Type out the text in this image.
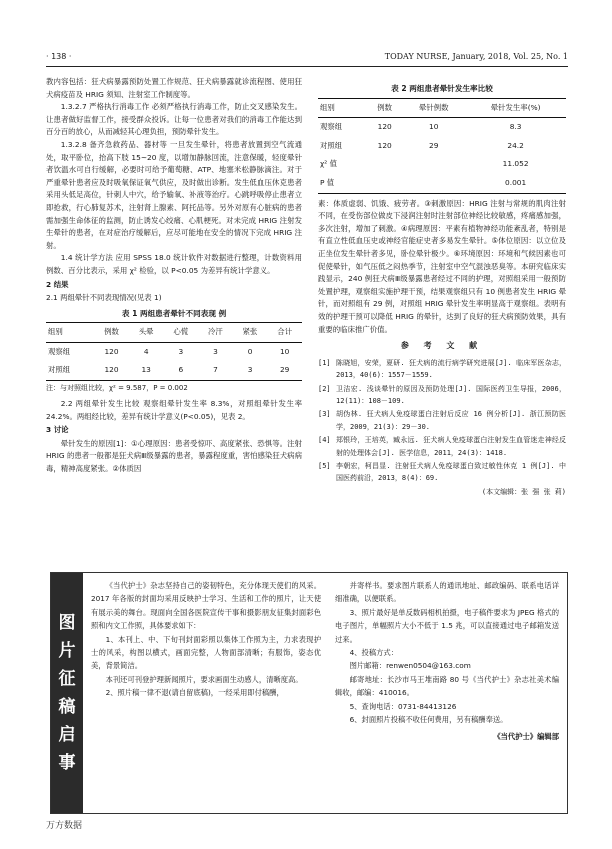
· 138 ·	TODAY NURSE, January, 2018, Vol. 25, No. 1

教内容包括：狂犬病暴露预防处置工作规范、狂犬病暴露就诊流程图、使用狂犬病疫苗及 HRIG 须知、注射室工作制度等。

1.3.2.7 严格执行消毒工作 必须严格执行消毒工作，防止交叉感染发生。让患者做好监督工作，接受群众投诉。让每一位患者对我们的消毒工作能达到百分百的放心，从而减轻其心理负担，预防晕针发生。

1.3.2.8 备齐急救药品、器材等 一旦发生晕针，将患者放置到空气流通处，取平卧位，抬高下肢 15~20 度，以增加静脉回流，注意保暖，轻度晕针者饮温水可自行缓解，必要时可给予葡萄糖、ATP、地塞米松静脉滴注。对于严重晕针患者应及时吸氧保证氧气供应，及时做出诊断。发生低血压休克患者采用头低足高位，针刺人中穴，给予输氧、补液等治疗。心跳呼吸停止患者立即抢救，行心肺复苏术，注射肾上腺素、阿托品等。另外对原有心脏病的患者需加强生命体征的监测，防止诱发心绞痛、心肌梗死。对未完成 HRIG 注射发生晕针的患者，在对症治疗缓解后，应尽可能地在安全的情况下完成 HRIG 注射。

1.4 统计学方法 应用 SPSS 18.0 统计软件对数据进行整理，计数资料用例数、百分比表示，采用 χ² 检验，以 P<0.05 为差异有统计学意义。

2 结果

2.1 两组晕针不同表现情况(见表 1)

表 1 两组患者晕针不同表现 例
组别	例数	头晕	心慌	冷汗	紧张	合计
观察组	120	4	3	3	0	10
对照组	120	13	6	7	3	29
注：与对照组比较，χ² = 9.587，P = 0.002

2.2 两组晕针发生比较 观察组晕针发生率 8.3%，对照组晕针发生率 24.2%。两组经比较，差异有统计学意义(P<0.05)，见表 2。

3 讨论

晕针发生的原因[1]：①心理原因：患者受惊吓、高度紧张、恐惧等。注射 HRIG 的患者一般都是狂犬病Ⅲ级暴露的患者，暴露程度重，害怕感染狂犬病病毒，精神高度紧张。②体质因

表 2 两组患者晕针发生率比较
组别	例数	晕针例数	晕针发生率(%)
观察组	120	10	8.3
对照组	120	29	24.2
χ² 值			11.052
P 值			0.001

素：体质虚弱、饥饿、疲劳者。③刺激原因：HRIG 注射与常规的肌肉注射不同，在受伤部位做皮下浸润注射时注射部位神经比较敏感，疼痛感加强，多次注射，增加了刺激。④病理原因：平素有植物神经功能紊乱者，特别是有直立性低血压史或神经官能症史者多易发生晕针。⑤体位原因：以立位及正坐位发生晕针者多见，卧位晕针极少。⑥环境原因：环境和气候因素也可促使晕针，如气压低之闷热季节，注射室中空气混浊恶臭等。本研究临床实践显示，240 例狂犬病Ⅲ级暴露患者经过不同的护理，对照组采用一般预防处置护理，观察组实施护理干预，结果观察组只有 10 例患者发生 HRIG 晕针，而对照组有 29 例，对照组 HRIG 晕针发生率明显高于观察组。表明有效的护理干预可以降低 HRIG 的晕针，达到了良好的狂犬病预防效果，具有重要的临床推广价值。

参 考 文 献
[1] 陈晓旭，安荣，夏研. 狂犬病的流行病学研究进展[J]. 临床军医杂志，2013，40(6)：1557－1559.
[2] 卫洁宏. 浅谈晕针的原因及预防处理[J]. 国际医药卫生导报，2006，12(11)：108－109.
[3] 胡伪林. 狂犬病人免疫球蛋白注射后反应 16 例分析[J]. 浙江预防医学，2009，21(3)：29－30.
[4] 郑银玲，王培英，臧永远. 狂犬病人免疫球蛋白注射发生血管迷走神经反射的处理体会[J]. 医学信息，2011，24(3)：1418.
[5] 李朝宏，柯昌显. 注射狂犬病人免疫球蛋白致过敏性休克 1 例[J]. 中国医药前沿，2013，8(4)：69.
(本文编辑：张 强 张 莉)
图
片
征
稿
启
事

《当代护士》杂志坚持自己的姿韧特色，充分体现天使们的风采。2017 年各版的封面均采用反映护士学习、生活和工作的照片，让天使有展示美的舞台。现面向全国各医院宣传干事和摄影朋友征集封面彩色照和内文工作照，具体要求如下：

1、本刊上、中、下旬刊封面彩照以集体工作照为主，力求表现护士的风采，构图以横式，画面完整，人物面部清晰；有服饰，姿态优美，背景简洁。

本刊还可刊登护理新闻照片，要求画面生动感人，清晰度高。

2、照片稿一律不退(请自留底稿)，一经采用即付稿酬，

并寄样书。要求图片联系人的通讯地址、邮政编码、联系电话详细准确，以便联系。

3、照片最好是单反数码相机拍摄，电子稿件要求为 JPEG 格式的电子图片，单幅照片大小不低于 1.5 兆，可以直接通过电子邮箱发送过来。

4、投稿方式：

图片邮箱：renwen0504@163.com

邮寄地址：长沙市马王堆南路 80 号《当代护士》杂志社美术编辑收，邮编：410016。

5、查询电话：0731-84413126

6、封面照片投稿不收任何费用，另有稿酬奉送。

《当代护士》编辑部
万方数据
